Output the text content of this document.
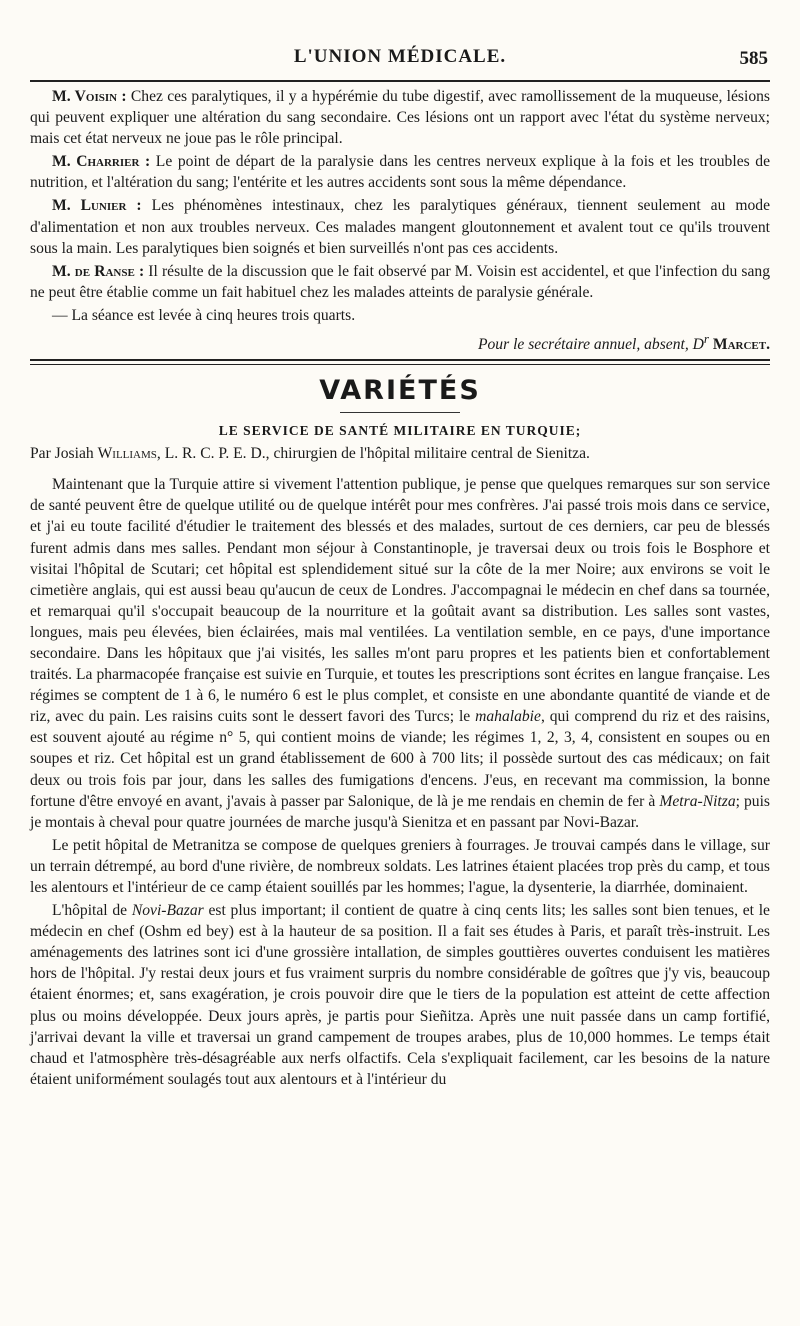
L'UNION MÉDICALE.	585

M. Voisin : Chez ces paralytiques, il y a hypérémie du tube digestif, avec ramollissement de la muqueuse, lésions qui peuvent expliquer une altération du sang secondaire. Ces lésions ont un rapport avec l'état du système nerveux; mais cet état nerveux ne joue pas le rôle principal.

M. Charrier : Le point de départ de la paralysie dans les centres nerveux explique à la fois et les troubles de nutrition, et l'altération du sang; l'entérite et les autres accidents sont sous la même dépendance.

M. Lunier : Les phénomènes intestinaux, chez les paralytiques généraux, tiennent seulement au mode d'alimentation et non aux troubles nerveux. Ces malades mangent gloutonnement et avalent tout ce qu'ils trouvent sous la main. Les paralytiques bien soignés et bien surveillés n'ont pas ces accidents.

M. de Ranse : Il résulte de la discussion que le fait observé par M. Voisin est accidentel, et que l'infection du sang ne peut être établie comme un fait habituel chez les malades atteints de paralysie générale.

— La séance est levée à cinq heures trois quarts.

Pour le secrétaire annuel, absent, $D^r$ Marcet.

VARIÉTÉS
LE SERVICE DE SANTÉ MILITAIRE EN TURQUIE;

Par Josiah Williams, L. R. C. P. E. D., chirurgien de l'hôpital militaire central de Sienitza.

Maintenant que la Turquie attire si vivement l'attention publique, je pense que quelques remarques sur son service de santé peuvent être de quelque utilité ou de quelque intérêt pour mes confrères. J'ai passé trois mois dans ce service, et j'ai eu toute facilité d'étudier le traitement des blessés et des malades, surtout de ces derniers, car peu de blessés furent admis dans mes salles. Pendant mon séjour à Constantinople, je traversai deux ou trois fois le Bosphore et visitai l'hôpital de Scutari; cet hôpital est splendidement situé sur la côte de la mer Noire; aux environs se voit le cimetière anglais, qui est aussi beau qu'aucun de ceux de Londres. J'accompagnai le médecin en chef dans sa tournée, et remarquai qu'il s'occupait beaucoup de la nourriture et la goûtait avant sa distribution. Les salles sont vastes, longues, mais peu élevées, bien éclairées, mais mal ventilées. La ventilation semble, en ce pays, d'une importance secondaire. Dans les hôpitaux que j'ai visités, les salles m'ont paru propres et les patients bien et confortablement traités. La pharmacopée française est suivie en Turquie, et toutes les prescriptions sont écrites en langue française. Les régimes se comptent de 1 à 6, le numéro 6 est le plus complet, et consiste en une abondante quantité de viande et de riz, avec du pain. Les raisins cuits sont le dessert favori des Turcs; le mahalabie, qui comprend du riz et des raisins, est souvent ajouté au régime n° 5, qui contient moins de viande; les régimes 1, 2, 3, 4, consistent en soupes ou en soupes et riz. Cet hôpital est un grand établissement de 600 à 700 lits; il possède surtout des cas médicaux; on fait deux ou trois fois par jour, dans les salles des fumigations d'encens. J'eus, en recevant ma commission, la bonne fortune d'être envoyé en avant, j'avais à passer par Salonique, de là je me rendais en chemin de fer à Metra-Nitza; puis je montais à cheval pour quatre journées de marche jusqu'à Sienitza et en passant par Novi-Bazar.

Le petit hôpital de Metranitza se compose de quelques greniers à fourrages. Je trouvai campés dans le village, sur un terrain détrempé, au bord d'une rivière, de nombreux soldats. Les latrines étaient placées trop près du camp, et tous les alentours et l'intérieur de ce camp étaient souillés par les hommes; l'ague, la dysenterie, la diarrhée, dominaient.

L'hôpital de Novi-Bazar est plus important; il contient de quatre à cinq cents lits; les salles sont bien tenues, et le médecin en chef (Oshm ed bey) est à la hauteur de sa position. Il a fait ses études à Paris, et paraît très-instruit. Les aménagements des latrines sont ici d'une grossière intallation, de simples gouttières ouvertes conduisent les matières hors de l'hôpital. J'y restai deux jours et fus vraiment surpris du nombre considérable de goîtres que j'y vis, beaucoup étaient énormes; et, sans exagération, je crois pouvoir dire que le tiers de la population est atteint de cette affection plus ou moins développée. Deux jours après, je partis pour Sieñitza. Après une nuit passée dans un camp fortifié, j'arrivai devant la ville et traversai un grand campement de troupes arabes, plus de 10,000 hommes. Le temps était chaud et l'atmosphère très-désagréable aux nerfs olfactifs. Cela s'expliquait facilement, car les besoins de la nature étaient uniformément soulagés tout aux alentours et à l'intérieur du
